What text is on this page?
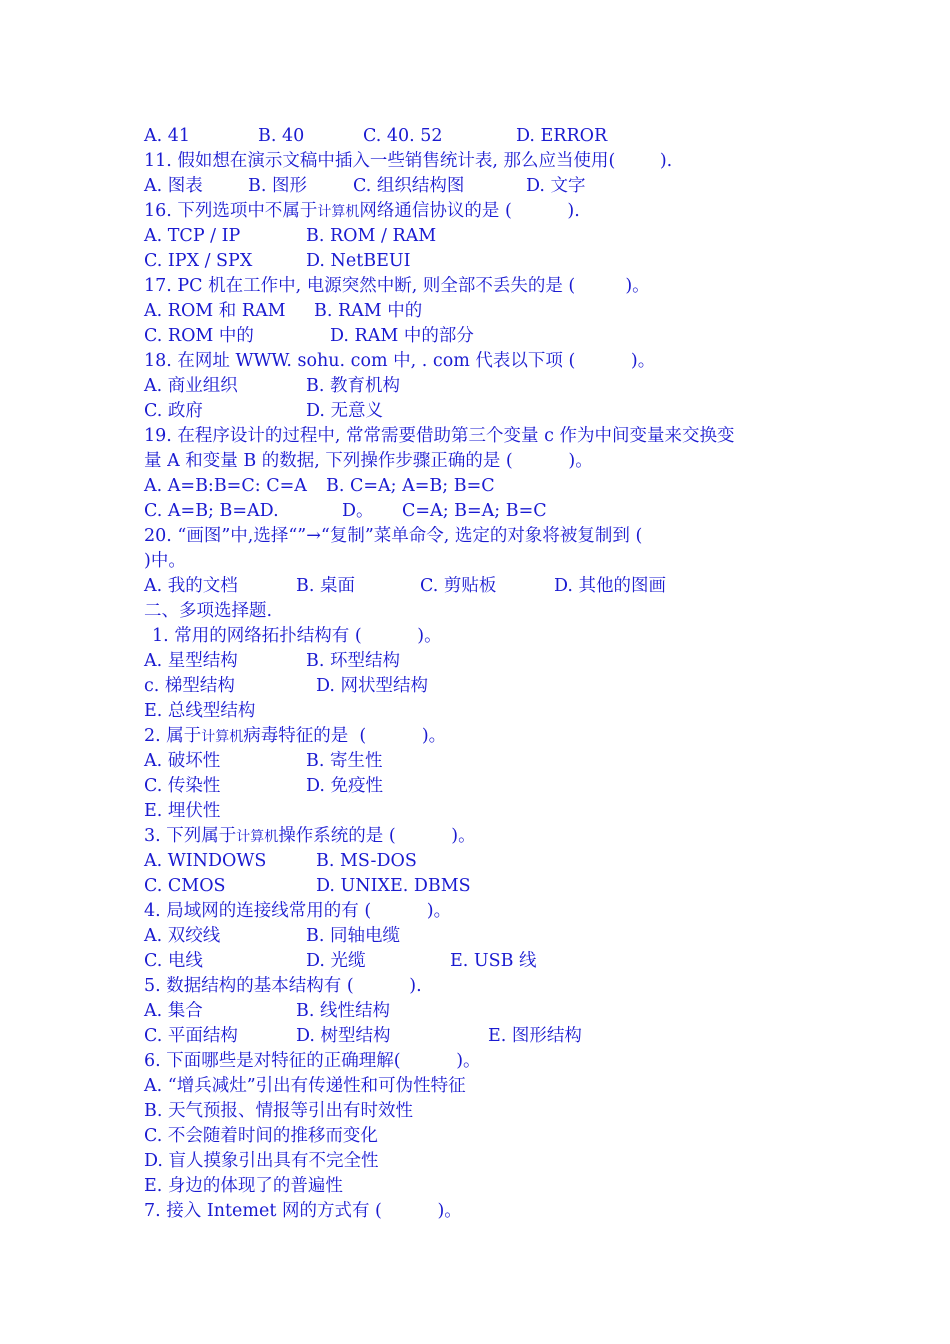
A. 41

	B. 40

	C. 40. 52

	D. ERROR

11. 假如想在演示文稿中插入一些销售统计表, 那么应当使用(        ).

A. 图表

	B. 图形

	C. 组织结构图

	D. 文字

16. 下列选项中不属于计算机网络通信协议的是 (          ).

A. TCP / IP

	B. ROM / RAM

C. IPX / SPX

	D. NetBEUI

17. PC 机在工作中, 电源突然中断, 则全部不丢失的是 (         )。

A. ROM 和 RAM

B. RAM 中的

C. ROM 中的

	D. RAM 中的部分

18. 在网址 WWW. sohu. com 中, . com 代表以下项 (          )。

A. 商业组织

	B. 教育机构

C. 政府

	D. 无意义

19. 在程序设计的过程中, 常常需要借助第三个变量 c 作为中间变量来交换变
量 A 和变量 B 的数据, 下列操作步骤正确的是 (          )。

A. A=B:B=C: C=A

B. C=A; A=B; B=C

C. A=B; B=AD.

	D。

C=A; B=A; B=C

20. “画图”中,选择“”→“复制”菜单命令, 选定的对象将被复制到 (
)中。

A. 我的文档

	B. 桌面

	C. 剪贴板

	D. 其他的图画

二、多项选择题.
1. 常用的网络拓扑结构有 (          )。

A. 星型结构

	B. 环型结构

c. 梯型结构

	D. 网状型结构

E. 总线型结构
2. 属于计算机病毒特征的是  (          )。

A. 破坏性

	B. 寄生性

C. 传染性

	D. 免疫性

E. 埋伏性
3. 下列属于计算机操作系统的是 (          )。

A. WINDOWS

	B. MS-DOS

C. CMOS

	D. UNIXE. DBMS

4. 局域网的连接线常用的有 (          )。

A. 双绞线

	B. 同轴电缆

C. 电线

	D. 光缆

	E. USB 线

5. 数据结构的基本结构有 (          ).

A. 集合

	B. 线性结构

C. 平面结构

	D. 树型结构

	E. 图形结构

6. 下面哪些是对特征的正确理解(          )。
A. “增兵减灶”引出有传递性和可伪性特征
B. 天气预报、情报等引出有时效性
C. 不会随着时间的推移而变化
D. 盲人摸象引出具有不完全性
E. 身边的体现了的普遍性
7. 接入 Intemet 网的方式有 (          )。
